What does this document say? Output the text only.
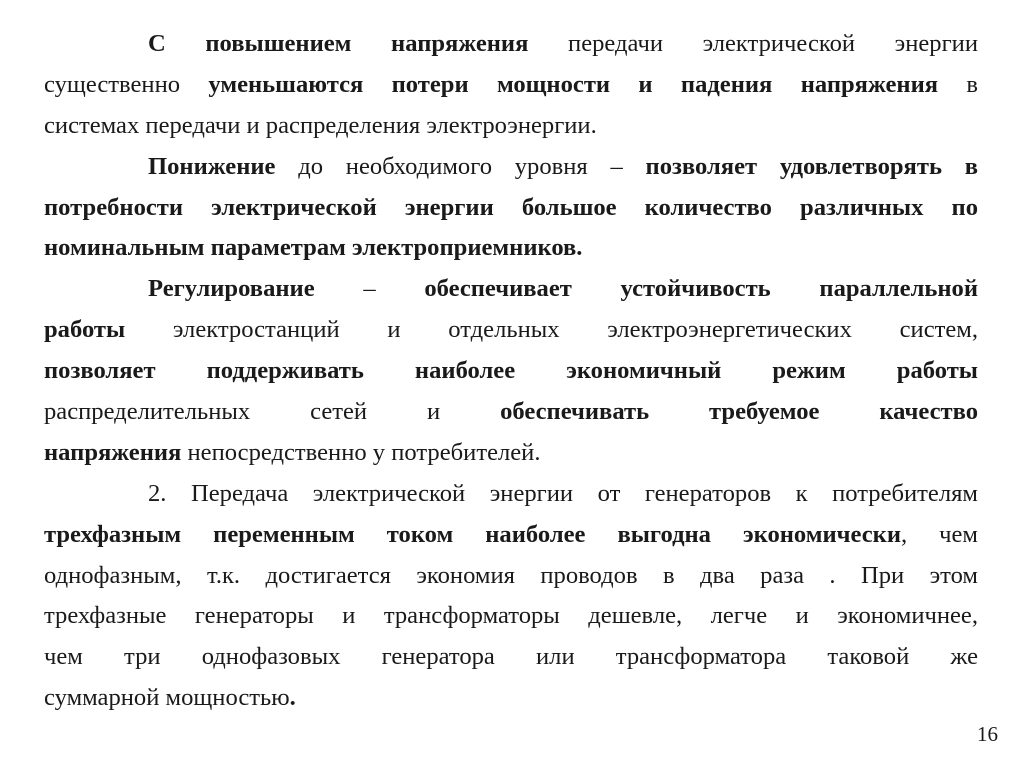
С повышением напряжения передачи электрической энергии
существенно уменьшаются потери мощности и падения напряжения в
системах передачи и распределения электроэнергии.
Понижение до необходимого уровня – позволяет удовлетворять в
потребности электрической энергии большое количество различных по
номинальным параметрам электроприемников.
Регулирование – обеспечивает устойчивость параллельной
работы электростанций и отдельных электроэнергетических систем,
позволяет поддерживать наиболее экономичный режим работы
распределительных сетей и обеспечивать требуемое качество
напряжения непосредственно у потребителей.
2. Передача электрической энергии от генераторов к потребителям
трехфазным переменным током наиболее выгодна экономически, чем
однофазным, т.к. достигается экономия проводов в два раза . При этом
трехфазные генераторы и трансформаторы дешевле, легче и экономичнее,
чем три однофазовых генератора или трансформатора таковой же
суммарной мощностью.
16
